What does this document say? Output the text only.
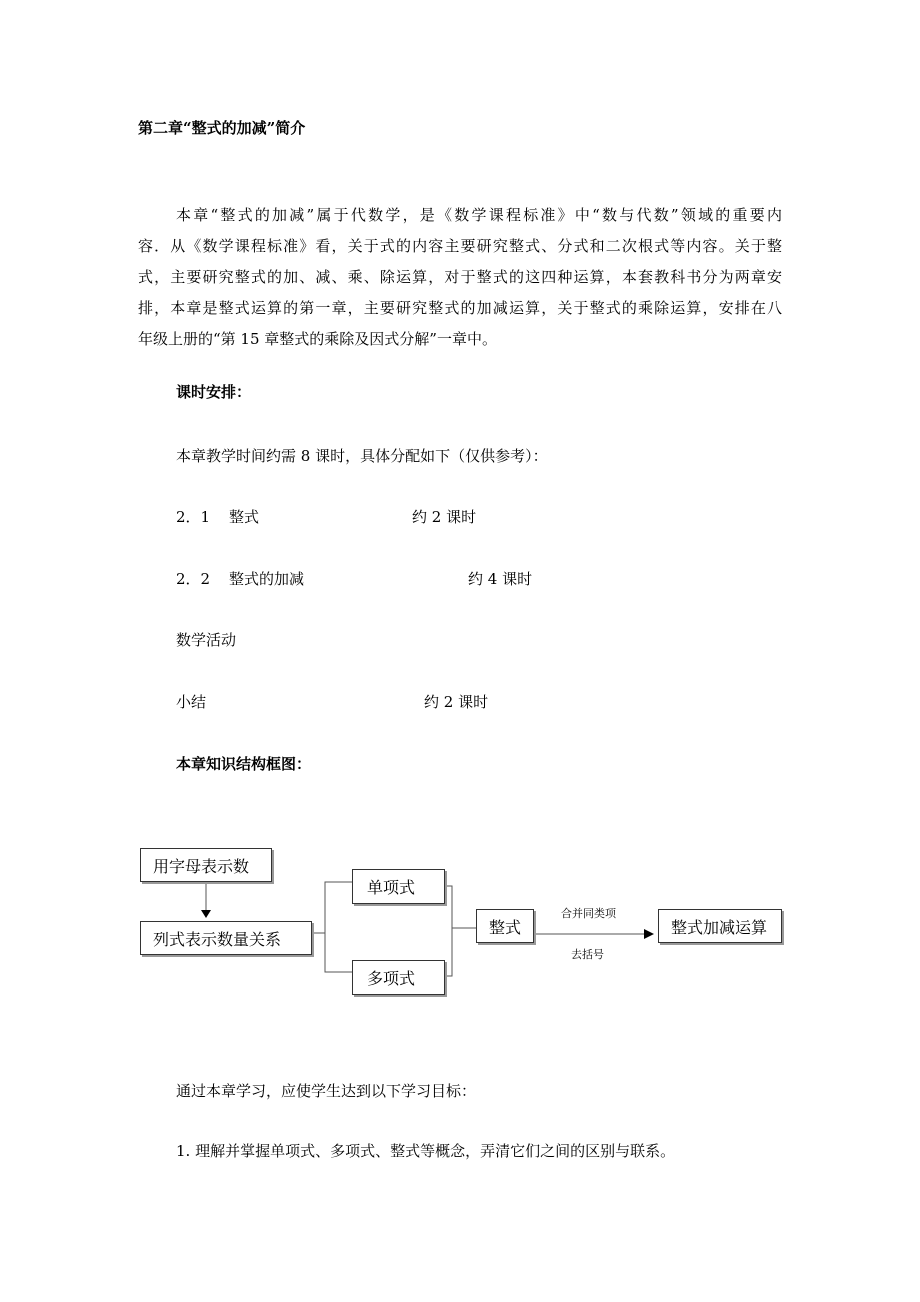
第二章“整式的加减”简介
本章“整式的加减”属于代数学，是《数学课程标准》中“数与代数”领域的重要内
容．从《数学课程标准》看，关于式的内容主要研究整式、分式和二次根式等内容。关于整
式，主要研究整式的加、减、乘、除运算，对于整式的这四种运算，本套教科书分为两章安
排，本章是整式运算的第一章，主要研究整式的加减运算，关于整式的乘除运算，安排在八
年级上册的“第 15 章整式的乘除及因式分解”一章中。
课时安排：
本章教学时间约需 8 课时，具体分配如下（仅供参考）：
2．1 整式	约 2 课时
2．2 整式的加减	约 4 课时
数学活动
小结	约 2 课时
本章知识结构框图：
用字母表示数
列式表示数量关系
单项式
多项式
整式	整式加减运算
合并同类项
去括号
通过本章学习，应使学生达到以下学习目标：
1. 理解并掌握单项式、多项式、整式等概念，弄清它们之间的区别与联系。
